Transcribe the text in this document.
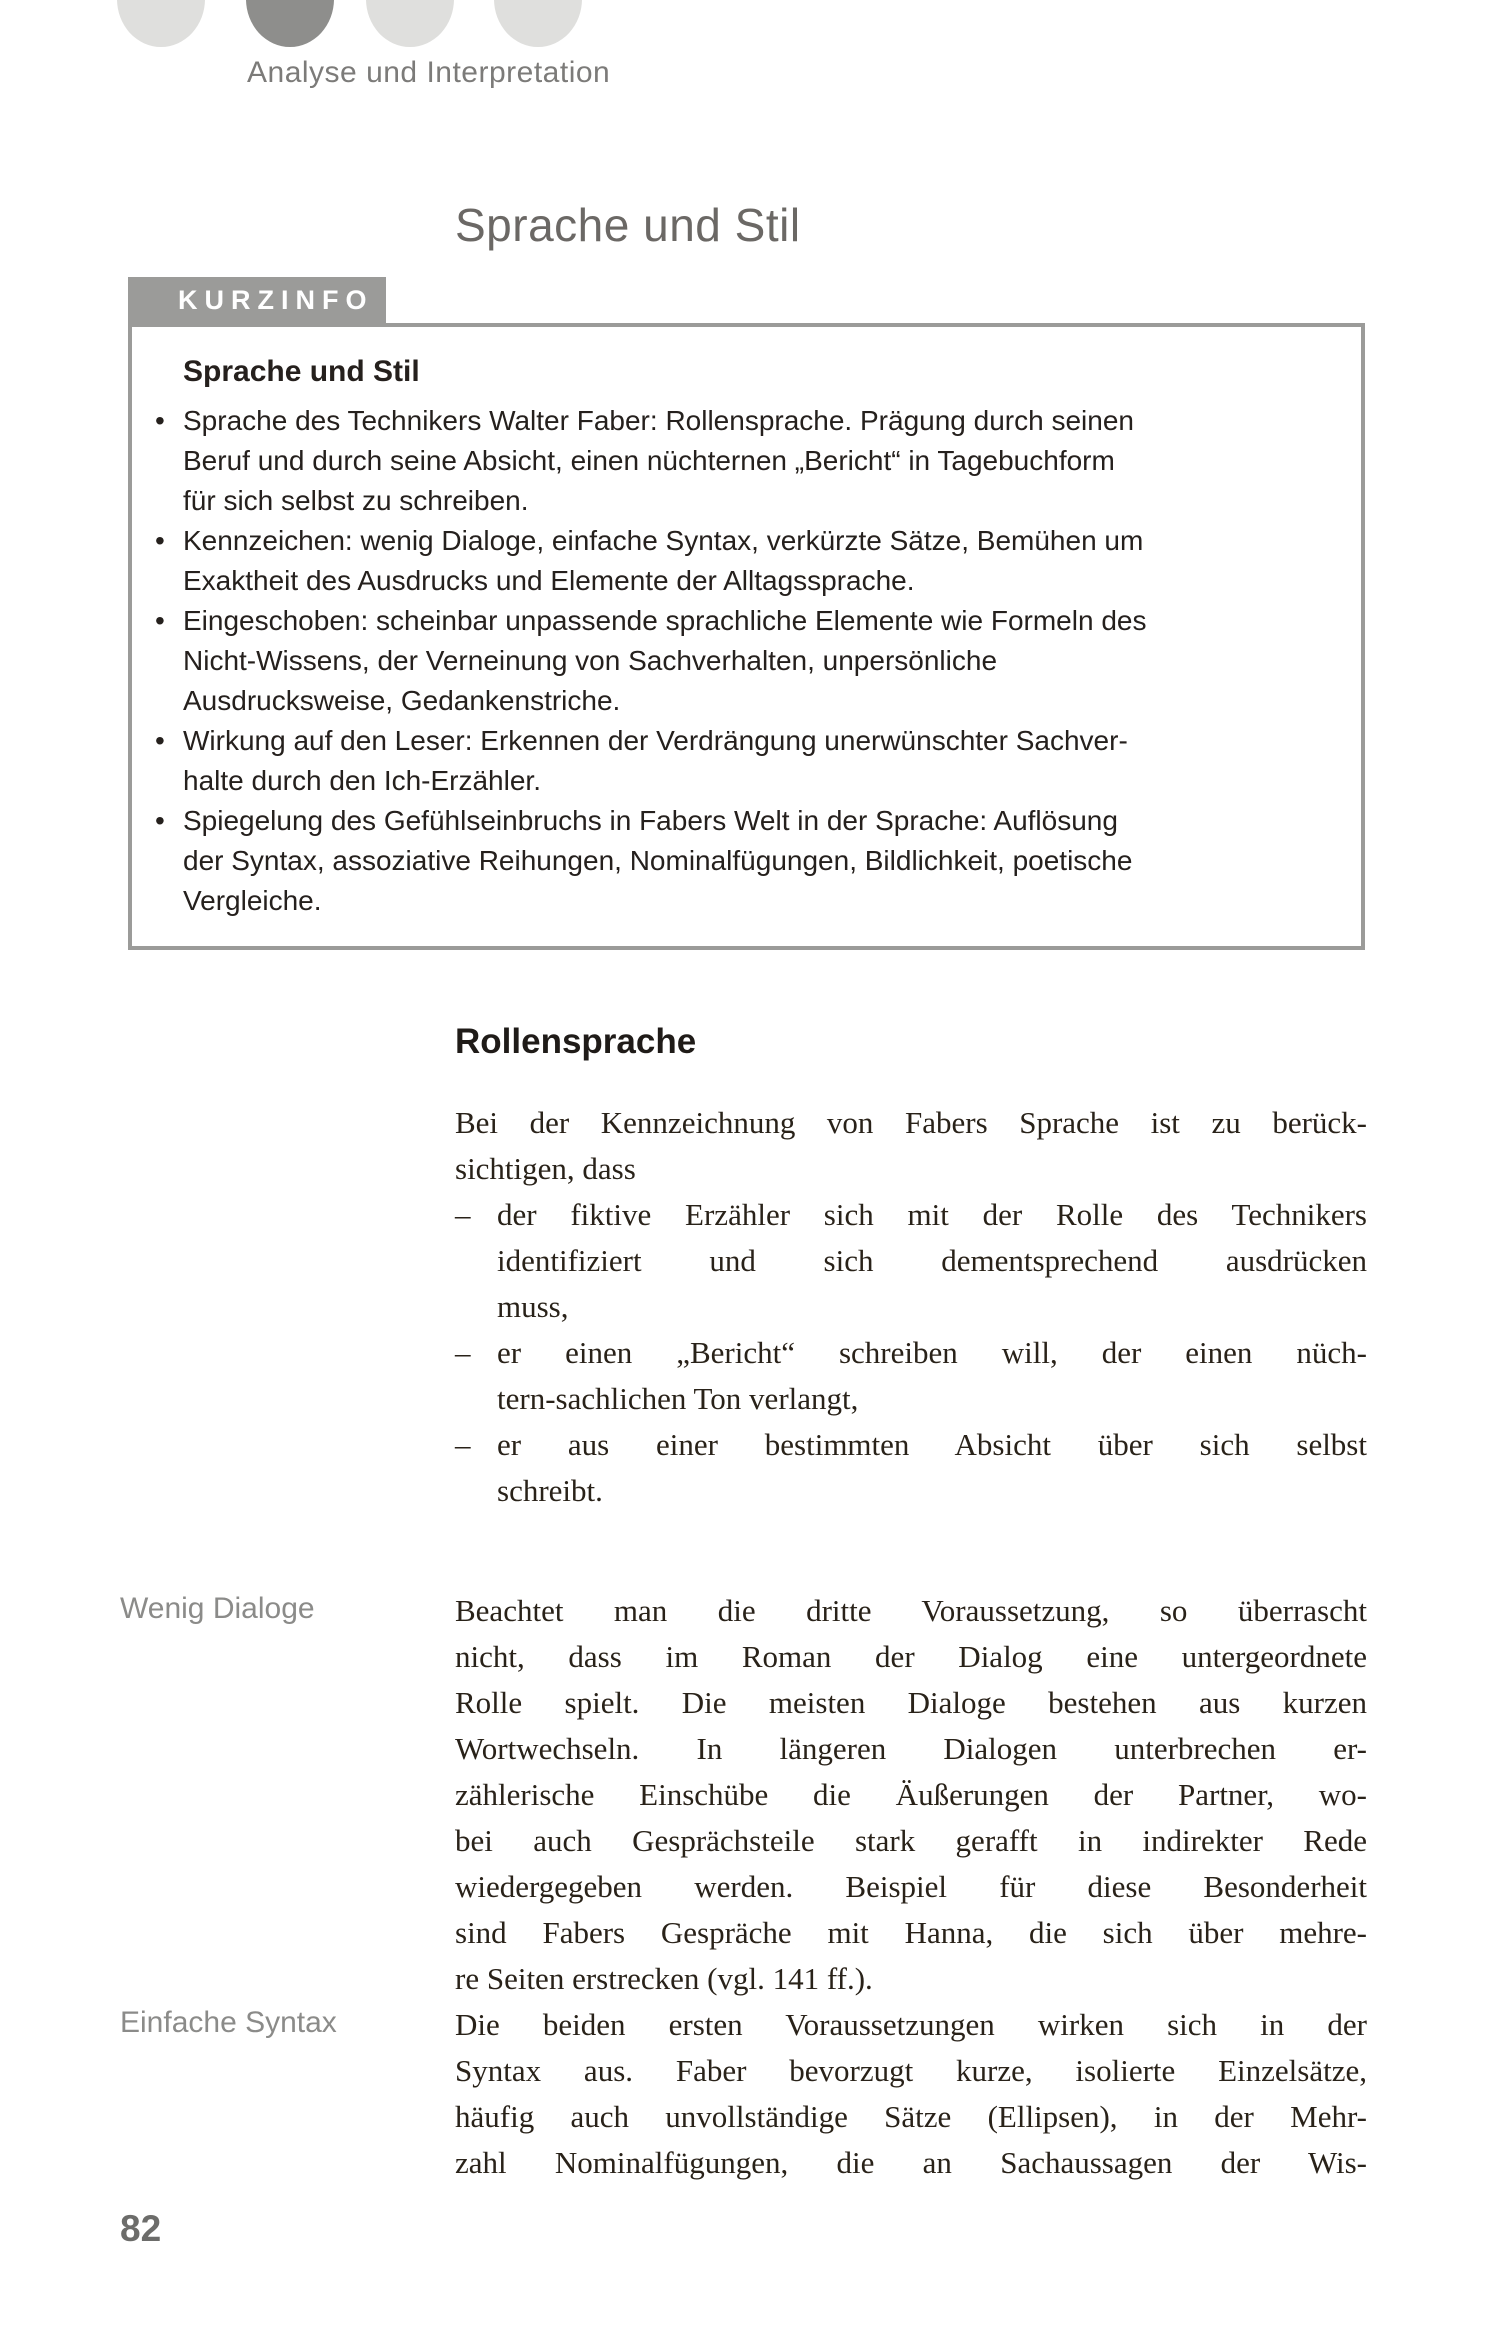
Analyse und Interpretation
Sprache und Stil
KURZINFO
Sprache und Stil
• Sprache des Technikers Walter Faber: Rollensprache. Prägung durch seinen
Beruf und durch seine Absicht, einen nüchternen „Bericht“ in Tagebuchform
für sich selbst zu schreiben.
• Kennzeichen: wenig Dialoge, einfache Syntax, verkürzte Sätze, Bemühen um
Exaktheit des Ausdrucks und Elemente der Alltagssprache.
• Eingeschoben: scheinbar unpassende sprachliche Elemente wie Formeln des
Nicht-Wissens, der Verneinung von Sachverhalten, unpersönliche
Ausdrucksweise, Gedankenstriche.
• Wirkung auf den Leser: Erkennen der Verdrängung unerwünschter Sachver-
halte durch den Ich-Erzähler.
• Spiegelung des Gefühlseinbruchs in Fabers Welt in der Sprache: Auflösung
der Syntax, assoziative Reihungen, Nominalfügungen, Bildlichkeit, poetische
Vergleiche.
Rollensprache
Bei der Kennzeichnung von Fabers Sprache ist zu berück-
sichtigen, dass
– der fiktive Erzähler sich mit der Rolle des Technikers
identifiziert und sich dementsprechend ausdrücken
muss,
– er einen „Bericht“ schreiben will, der einen nüch-
tern-sachlichen Ton verlangt,
– er aus einer bestimmten Absicht über sich selbst
schreibt.
Beachtet man die dritte Voraussetzung, so überrascht
nicht, dass im Roman der Dialog eine untergeordnete
Rolle spielt. Die meisten Dialoge bestehen aus kurzen
Wortwechseln. In längeren Dialogen unterbrechen er-
zählerische Einschübe die Äußerungen der Partner, wo-
bei auch Gesprächsteile stark gerafft in indirekter Rede
wiedergegeben werden. Beispiel für diese Besonderheit
sind Fabers Gespräche mit Hanna, die sich über mehre-
re Seiten erstrecken (vgl. 141 ff.).
Die beiden ersten Voraussetzungen wirken sich in der
Syntax aus. Faber bevorzugt kurze, isolierte Einzelsätze,
häufig auch unvollständige Sätze (Ellipsen), in der Mehr-
zahl Nominalfügungen, die an Sachaussagen der Wis-
Wenig Dialoge
Einfache Syntax
82
